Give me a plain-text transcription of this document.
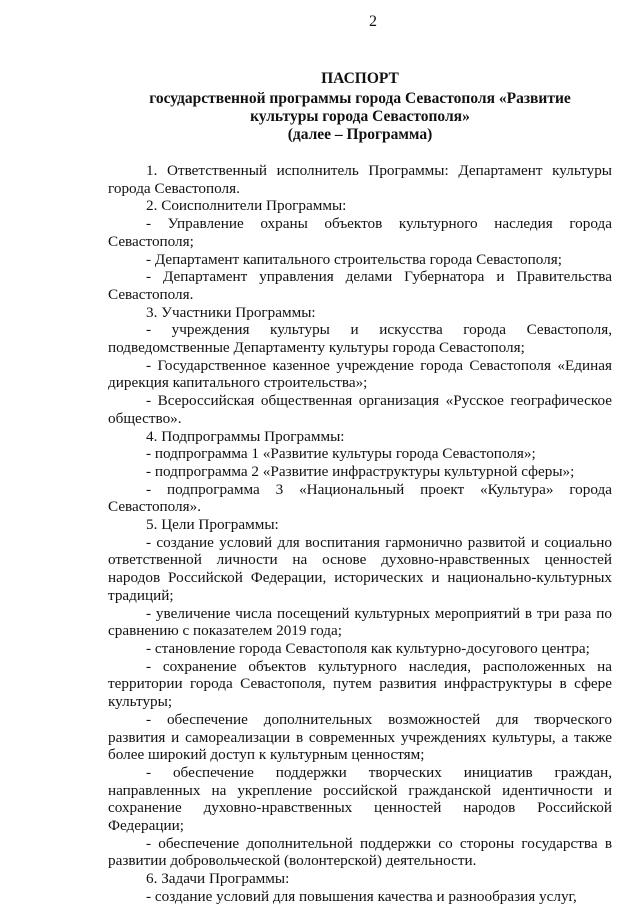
2
ПАСПОРТ
государственной программы города Севастополя «Развитие
культуры города Севастополя»
(далее – Программа)

1. Ответственный исполнитель Программы: Департамент культуры города Севастополя.

2. Соисполнители Программы:

- Управление охраны объектов культурного наследия города Севастополя;

- Департамент капитального строительства города Севастополя;

- Департамент управления делами Губернатора и Правительства Севастополя.

3. Участники Программы:

- учреждения культуры и искусства города Севастополя, подведомственные Департаменту культуры города Севастополя;

- Государственное казенное учреждение города Севастополя «Единая дирекция капитального строительства»;

- Всероссийская общественная организация «Русское географическое общество».

4. Подпрограммы Программы:

- подпрограмма 1 «Развитие культуры города Севастополя»;

- подпрограмма 2 «Развитие инфраструктуры культурной сферы»;

- подпрограмма 3 «Национальный проект «Культура» города Севастополя».

5. Цели Программы:

- создание условий для воспитания гармонично развитой и социально ответственной личности на основе духовно-нравственных ценностей народов Российской Федерации, исторических и национально-культурных традиций;

- увеличение числа посещений культурных мероприятий в три раза по сравнению с показателем 2019 года;

- становление города Севастополя как культурно-досугового центра;

- сохранение объектов культурного наследия, расположенных на территории города Севастополя, путем развития инфраструктуры в сфере культуры;

- обеспечение дополнительных возможностей для творческого развития и самореализации в современных учреждениях культуры, а также более широкий доступ к культурным ценностям;

- обеспечение поддержки творческих инициатив граждан, направленных на укрепление российской гражданской идентичности и сохранение духовно-нравственных ценностей народов Российской Федерации;

- обеспечение дополнительной поддержки со стороны государства в развитии добровольческой (волонтерской) деятельности.

6. Задачи Программы:

- создание условий для повышения качества и разнообразия услуг,
